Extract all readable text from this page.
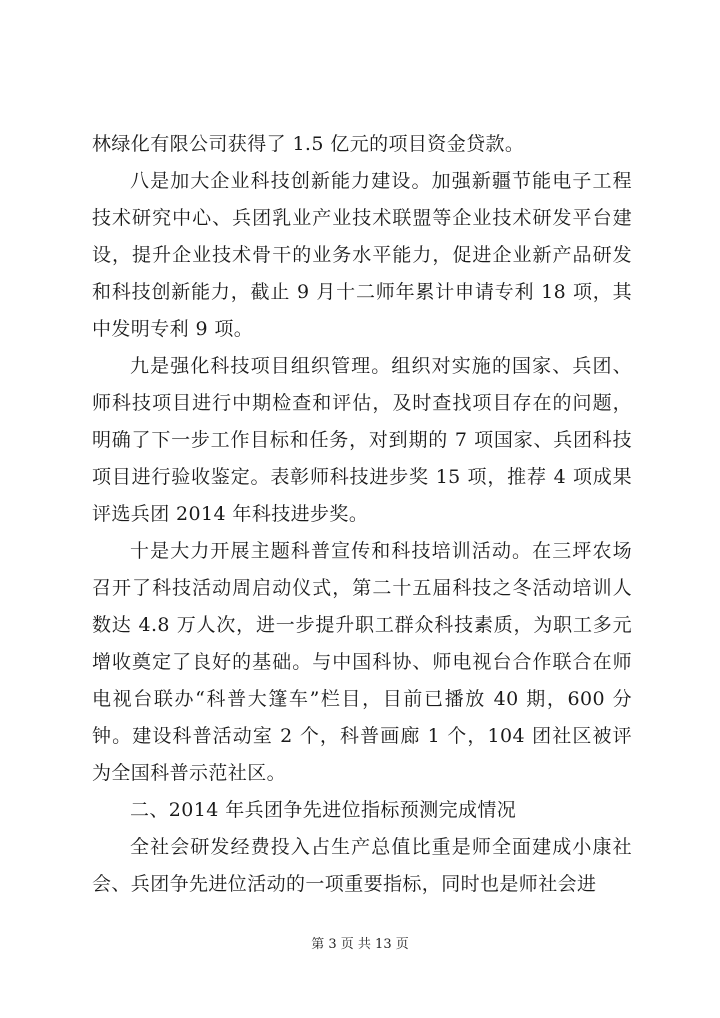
林绿化有限公司获得了 1.5 亿元的项目资金贷款。

八是加大企业科技创新能力建设。加强新疆节能电子工程技术研究中心、兵团乳业产业技术联盟等企业技术研发平台建设，提升企业技术骨干的业务水平能力，促进企业新产品研发和科技创新能力，截止 9 月十二师年累计申请专利 18 项，其中发明专利 9 项。

九是强化科技项目组织管理。组织对实施的国家、兵团、师科技项目进行中期检查和评估，及时查找项目存在的问题，明确了下一步工作目标和任务，对到期的 7 项国家、兵团科技项目进行验收鉴定。表彰师科技进步奖 15 项，推荐 4 项成果评选兵团 2014 年科技进步奖。

十是大力开展主题科普宣传和科技培训活动。在三坪农场召开了科技活动周启动仪式，第二十五届科技之冬活动培训人数达 4.8 万人次，进一步提升职工群众科技素质，为职工多元增收奠定了良好的基础。与中国科协、师电视台合作联合在师电视台联办“科普大篷车”栏目，目前已播放 40 期，600 分钟。建设科普活动室 2 个，科普画廊 1 个，104 团社区被评为全国科普示范社区。

二、2014 年兵团争先进位指标预测完成情况

全社会研发经费投入占生产总值比重是师全面建成小康社会、兵团争先进位活动的一项重要指标，同时也是师社会进

第 3 页 共 13 页
